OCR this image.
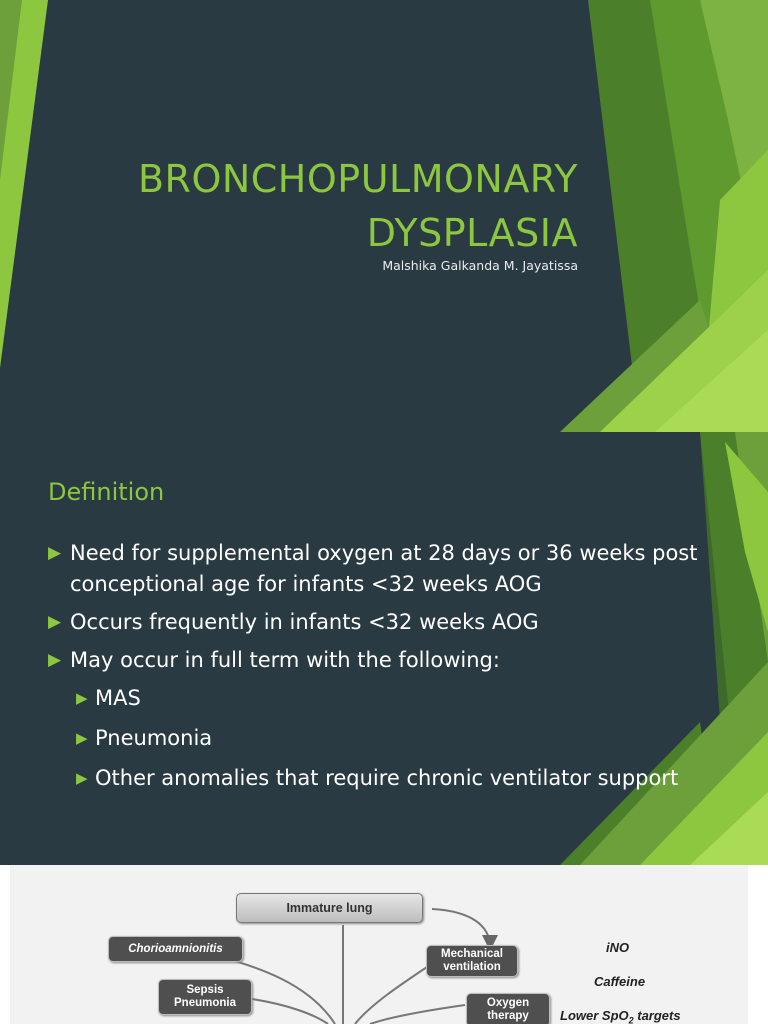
BRONCHOPULMONARY
DYSPLASIA
Malshika Galkanda M. Jayatissa
Definition
▶ Need for supplemental oxygen at 28 days or 36 weeks post conceptional age for infants <32 weeks AOG
▶ Occurs frequently in infants <32 weeks AOG
▶ May occur in full term with the following:
▶ MAS
▶ Pneumonia
▶ Other anomalies that require chronic ventilator support
Immature lung
Chorioamnionitis	Mechanical
ventilation
Sepsis
Pneumonia	Oxygen
therapy
iNO
Caffeine
Lower SpO$_2$ targets
